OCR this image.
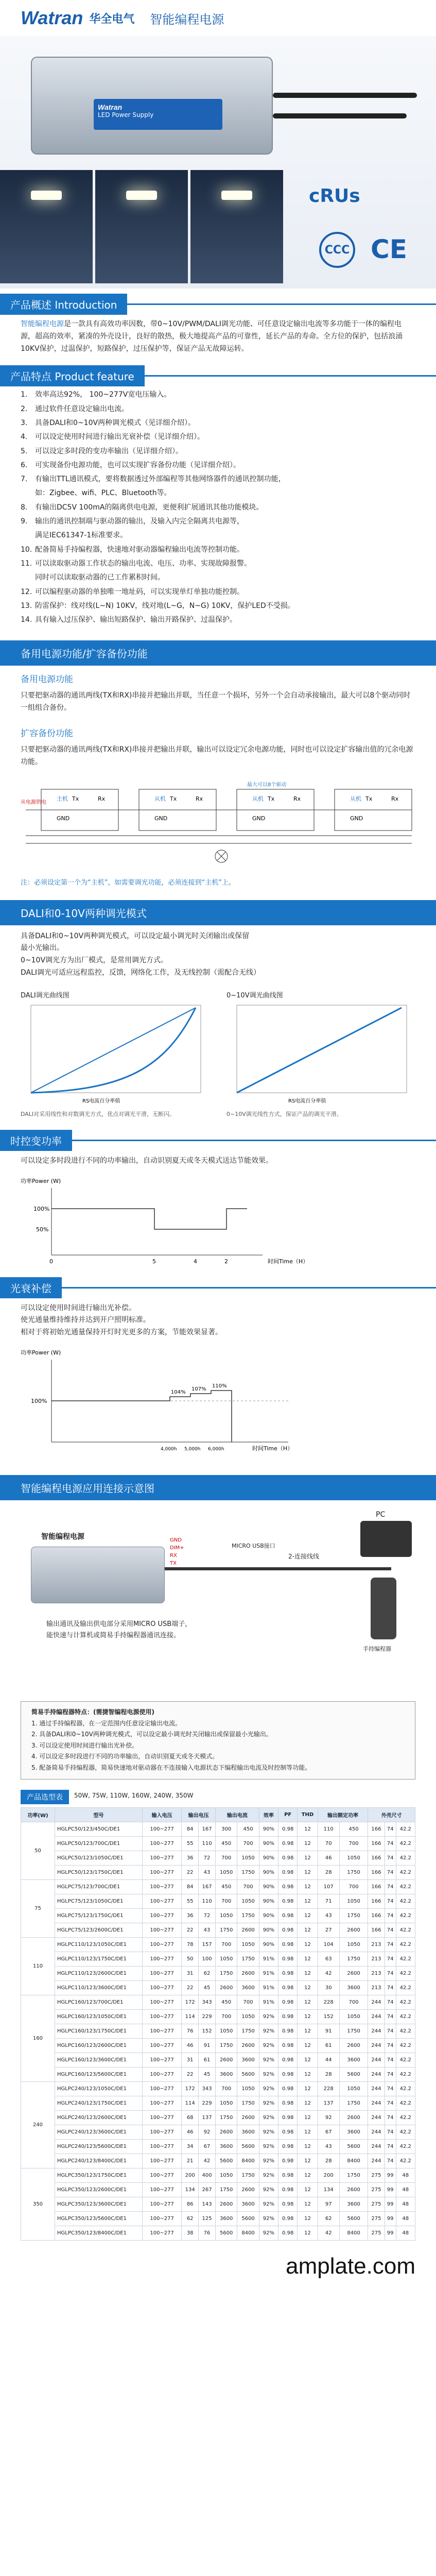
Watran 华全电气 智能编程电源
Watran
LED Power Supply
cRUs
CCC CE
产品概述 Introduction
智能编程电源是一款具有高效功率因数，带0~10V/PWM/DALI调光功能、可任意设定输出电流等多功能于一体的编程电源，超高的效率，紧凑的外壳设计，良好的散热，极大地提高产品的可靠性，延长产品的寿命。全方位的保护，包括浪涌10KV保护，过温保护，短路保护，过压保护等，保证产品无故障运转。
产品特点 Product feature
1.	效率高达92%， 100~277V宽电压输入。
2.	通过软件任意设定输出电流。
3.	具备DALI和0~10V两种调光模式（见详细介绍）。
4.	可以设定使用时间进行输出光衰补偿（见详细介绍）。
5.	可以设定多时段的变功率输出（见详细介绍）。
6.	可实现备份电源功能，也可以实现扩容备份功能（见详细介绍）。
7.	有输出TTL通讯模式，要将数据透过外部编程等其他网络器件的通讯控制功能，
如：Zigbee、wifi、PLC、Bluetooth等。
8.	有输出DC5V 100mA的隔离供电电源，更便利扩展通讯其他功能模块。
9.	输出的通讯控制端与驱动器的输出，及输入内完全隔离共电源等，
满足IEC61347-1标准要求。
10. 配备简易手持编程器，快速地对驱动器编程输出电流等控制功能。
11. 可以读取驱动器工作状态的输出电流、电压、功率、实现故障报警。
同时可以读取驱动器的已工作累积时间。
12. 可以编程驱动器的单独唯一地址码，可以实现单灯单独功能控制。
13. 防雷保护：线对线(L~N) 10KV，线对地(L~G，N~G) 10KV，保护LED不受损。
14. 具有输入过压保护、输出短路保护、输出开路保护、过温保护。
备用电源功能/扩容备份功能
备用电源功能
只要把驱动器的通讯两线(TX和RX)串接并把输出并联，当任意一个损坏，另外一个会自动承接输出，最大可以8个驱动同时一组组合备份。
扩容备份功能
只要把驱动器的通讯两线(TX和RX)串接并把输出并联，输出可以设定冗余电源功能，同时也可以设定扩容输出值的冗余电源功能。
从电源供电
主机	从机	从机	从机
Tx	Rx	Tx	Rx	Tx	Rx	Tx	Rx
GND	GND	GND	GND
最大可以8个驱动
注：必须设定第一个为“主机”，如需要调光功能，必须连接到“主机”上。
DALI和0-10V两种调光模式
具备DALI和0~10V两种调光模式，可以设定最小调光时关闭输出或保留
最小光输出。
0~10V调光方为出厂模式，是常用调光方式。
DALI调光可适应远程监控，反馈，网络化工作，及无线控制（需配合无线）
DALI调光曲线图
RS电流百分率值
DALI对采用线性和对数调光方式，优点对调光平滑，无断闪。
0~10V调光曲线图
RS电流百分率值
0~10V调光线性方式，保证产品的调光平滑。
时控变功率
可以设定多时段进行不同的功率输出，自动识别夏天或冬天模式送达节能效果。
功率Power (W)
100%
50%
0	5	4	2	时间Time（H）
光衰补偿
可以设定使用时间进行输出光补偿。
使光通量维持维持并达到开户照明标准。
相对于将初始光通量保持开灯时光更多的方案，节能效果显著。
功率Power (W)
100%
104%
107%
110%
4,000h 5,000h 6,000h	时间Time（H）
智能编程电源应用连接示意图
智能编程电源	GND
DIM+
RX
TX
MICRO USB接口
2-连接线线
PC
手持编程器
输出通讯及输出供电部分采用MICRO USB端子，
能快速与计算机或简易手持编程器通讯连接。
简易手持编程器特点：(需捷智编程电源使用)
1. 通过手持编程器，在一定范围内任意设定输出电流。
2. 具备DALI和0~10V两种调光模式，可以设定最小调光时关闭输出或保留最小光输出。
3. 可以设定使用时间进行输出光补偿。
4. 可以设定多时段进行不同的功率输出，自动识别夏天或冬天模式。
5. 配备简易手持编程器，简易快速地对驱动器在不连接输入电源状态下编程输出电流及时控制等功能。
产品选型表	50W, 75W, 110W, 160W, 240W, 350W
功率(W)	型号	输入电压	输出电压		输出电流		效率	PF	THD	输出额定功率		外壳尺寸		
50	HGLPC50/123/450C/DE1	100~277	84	167	300	450	90%	0.98	12	110	450	166	74	42.2
	HGLPC50/123/700C/DE1	100~277	55	110	450	700	90%	0.98	12	70	700	166	74	42.2
	HGLPC50/123/1050C/DE1	100~277	36	72	700	1050	90%	0.98	12	46	1050	166	74	42.2
	HGLPC50/123/1750C/DE1	100~277	22	43	1050	1750	90%	0.98	12	28	1750	166	74	42.2
75	HGLPC75/123/700C/DE1	100~277	84	167	450	700	90%	0.98	12	107	700	166	74	42.2
	HGLPC75/123/1050C/DE1	100~277	55	110	700	1050	90%	0.98	12	71	1050	166	74	42.2
	HGLPC75/123/1750C/DE1	100~277	36	72	1050	1750	90%	0.98	12	43	1750	166	74	42.2
	HGLPC75/123/2600C/DE1	100~277	22	43	1750	2600	90%	0.98	12	27	2600	166	74	42.2
110	HGLPC110/123/1050C/DE1	100~277	78	157	700	1050	90%	0.98	12	104	1050	213	74	42.2
	HGLPC110/123/1750C/DE1	100~277	50	100	1050	1750	91%	0.98	12	63	1750	213	74	42.2
	HGLPC110/123/2600C/DE1	100~277	31	62	1750	2600	91%	0.98	12	42	2600	213	74	42.2
	HGLPC110/123/3600C/DE1	100~277	22	45	2600	3600	91%	0.98	12	30	3600	213	74	42.2
160	HGLPC160/123/700C/DE1	100~277	172	343	450	700	91%	0.98	12	228	700	244	74	42.2
	HGLPC160/123/1050C/DE1	100~277	114	229	700	1050	92%	0.98	12	152	1050	244	74	42.2
	HGLPC160/123/1750C/DE1	100~277	76	152	1050	1750	92%	0.98	12	91	1750	244	74	42.2
	HGLPC160/123/2600C/DE1	100~277	46	91	1750	2600	92%	0.98	12	61	2600	244	74	42.2
	HGLPC160/123/3600C/DE1	100~277	31	61	2600	3600	92%	0.98	12	44	3600	244	74	42.2
	HGLPC160/123/5600C/DE1	100~277	22	45	3600	5600	92%	0.98	12	28	5600	244	74	42.2
240	HGLPC240/123/1050C/DE1	100~277	172	343	700	1050	92%	0.98	12	228	1050	244	74	42.2
	HGLPC240/123/1750C/DE1	100~277	114	229	1050	1750	92%	0.98	12	137	1750	244	74	42.2
	HGLPC240/123/2600C/DE1	100~277	68	137	1750	2600	92%	0.98	12	92	2600	244	74	42.2
	HGLPC240/123/3600C/DE1	100~277	46	92	2600	3600	92%	0.98	12	67	3600	244	74	42.2
	HGLPC240/123/5600C/DE1	100~277	34	67	3600	5600	92%	0.98	12	43	5600	244	74	42.2
	HGLPC240/123/8400C/DE1	100~277	21	42	5600	8400	92%	0.98	12	28	8400	244	74	42.2
350	HGLPC350/123/1750C/DE1	100~277	200	400	1050	1750	92%	0.98	12	200	1750	275	99	48
	HGLPC350/123/2600C/DE1	100~277	134	267	1750	2600	92%	0.98	12	134	2600	275	99	48
	HGLPC350/123/3600C/DE1	100~277	86	143	2600	3600	92%	0.98	12	97	3600	275	99	48
	HGLPC350/123/5600C/DE1	100~277	62	125	3600	5600	92%	0.98	12	62	5600	275	99	48
	HGLPC350/123/8400C/DE1	100~277	38	76	5600	8400	92%	0.98	12	42	8400	275	99	48
amplate.com
